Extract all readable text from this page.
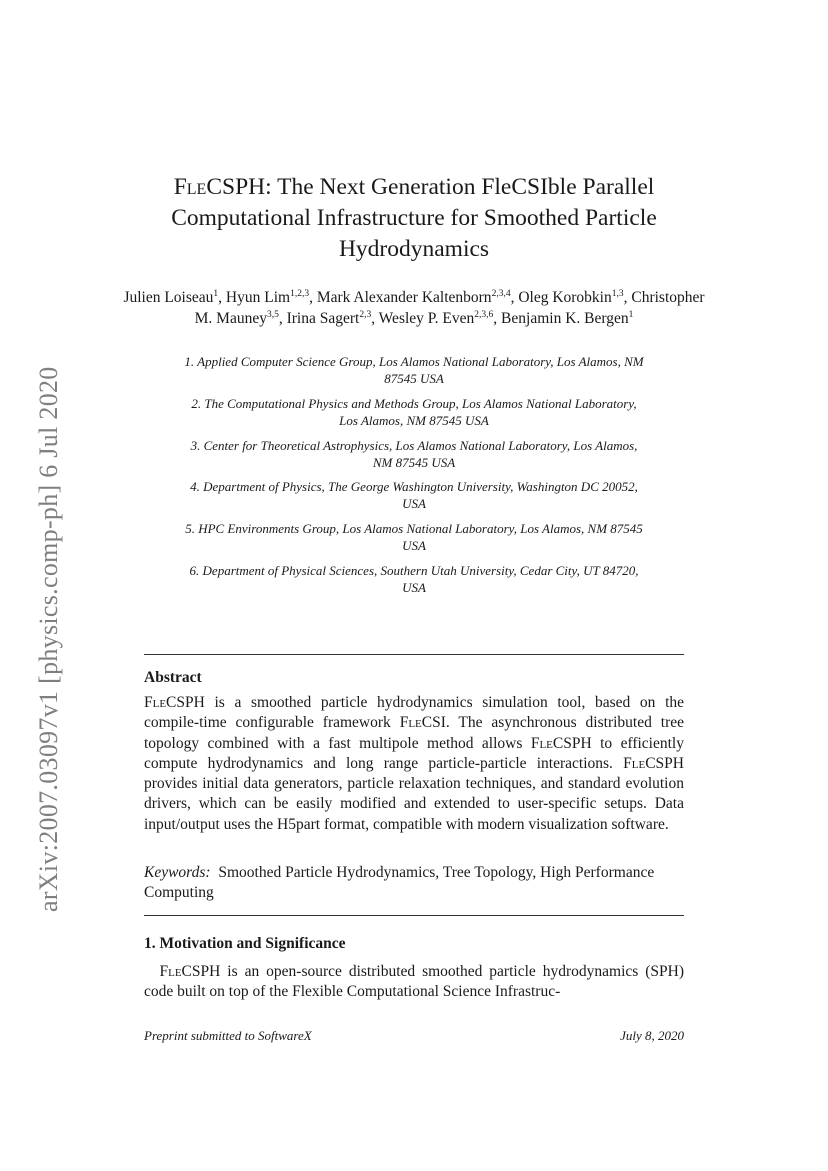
arXiv:2007.03097v1 [physics.comp-ph] 6 Jul 2020
FleCSPH: The Next Generation FleCSIble Parallel
Computational Infrastructure for Smoothed Particle
Hydrodynamics
Julien Loiseau$^1$, Hyun Lim$^{1,2,3}$, Mark Alexander Kaltenborn$^{2,3,4}$, Oleg Korobkin$^{1,3}$, Christopher M. Mauney$^{3,5}$, Irina Sagert$^{2,3}$, Wesley P. Even$^{2,3,6}$, Benjamin K. Bergen$^1$
1. Applied Computer Science Group, Los Alamos National Laboratory, Los Alamos, NM
87545 USA
2. The Computational Physics and Methods Group, Los Alamos National Laboratory,
Los Alamos, NM 87545 USA
3. Center for Theoretical Astrophysics, Los Alamos National Laboratory, Los Alamos,
NM 87545 USA
4. Department of Physics, The George Washington University, Washington DC 20052,
USA
5. HPC Environments Group, Los Alamos National Laboratory, Los Alamos, NM 87545
USA
6. Department of Physical Sciences, Southern Utah University, Cedar City, UT 84720,
USA
Abstract
FleCSPH is a smoothed particle hydrodynamics simulation tool, based on the compile-time configurable framework FleCSI. The asynchronous distributed tree topology combined with a fast multipole method allows FleCSPH to efficiently compute hydrodynamics and long range particle-particle interactions. FleCSPH provides initial data generators, particle relaxation techniques, and standard evolution drivers, which can be easily modified and extended to user-specific setups. Data input/output uses the H5part format, compatible with modern visualization software.
Keywords: Smoothed Particle Hydrodynamics, Tree Topology, High Performance Computing
1. Motivation and Significance
 FleCSPH is an open-source distributed smoothed particle hydrodynamics (SPH) code built on top of the Flexible Computational Science Infrastruc-
Preprint submitted to SoftwareX	July 8, 2020
